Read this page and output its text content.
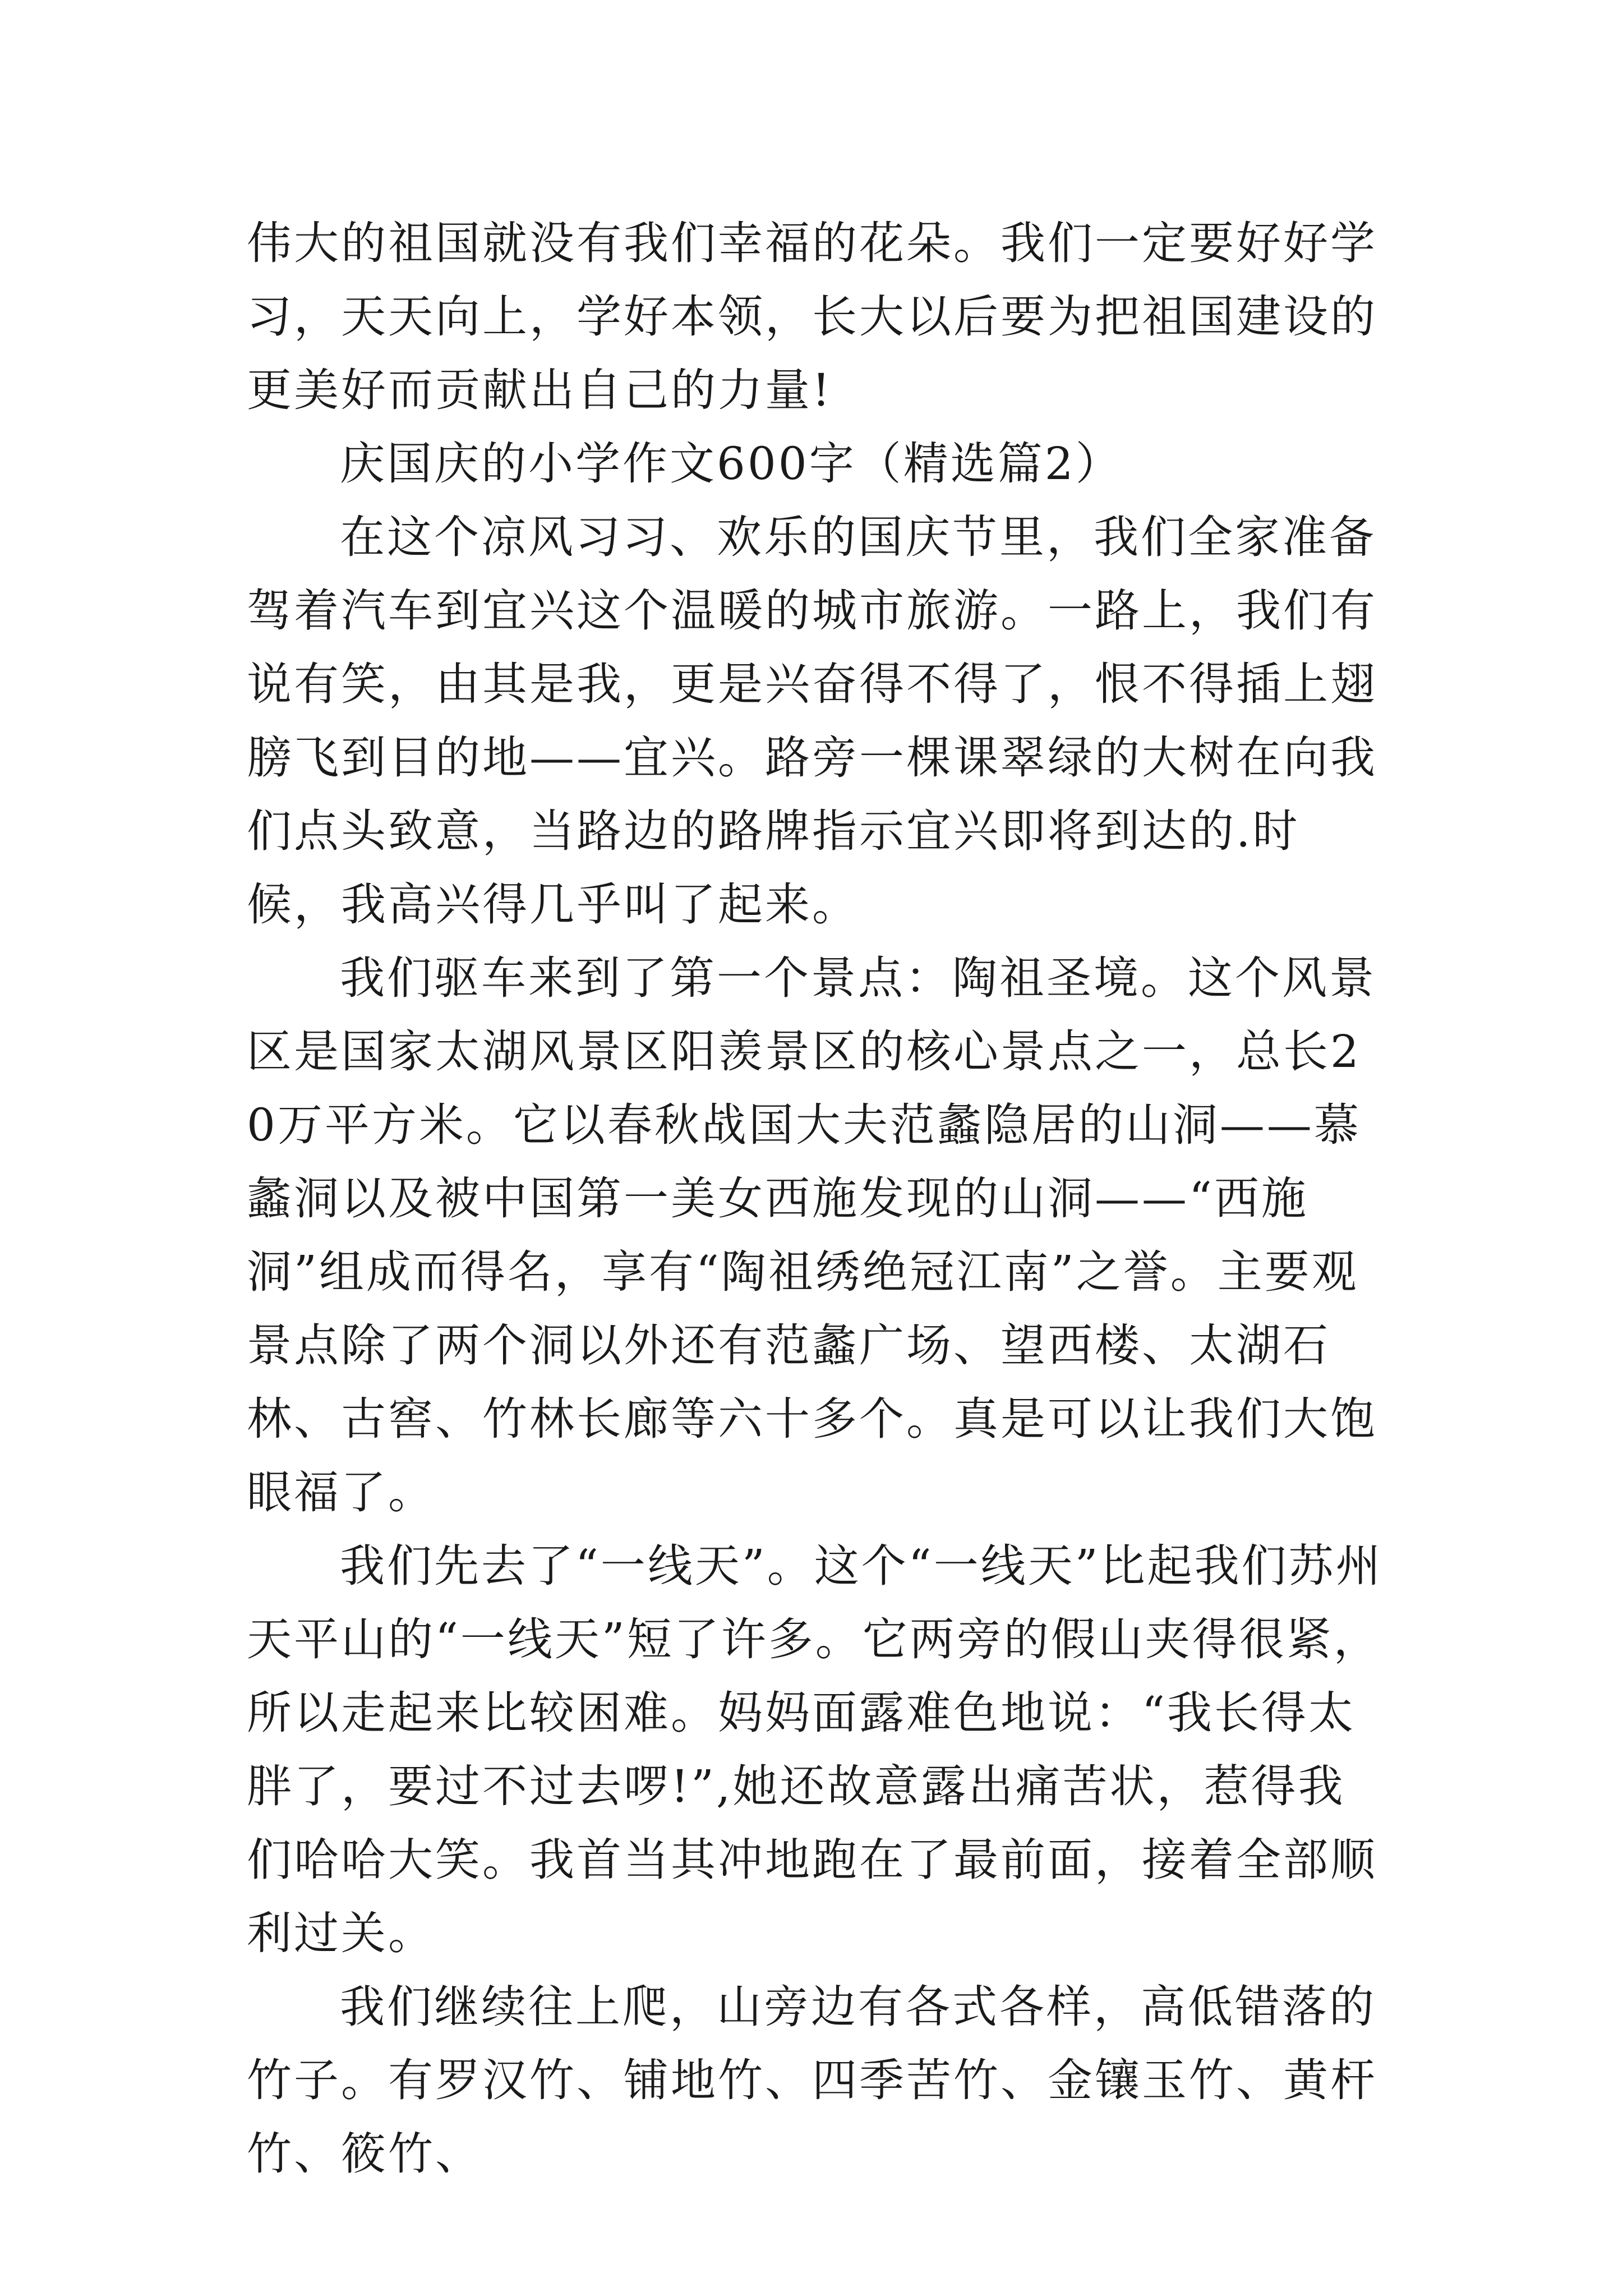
伟大的祖国就没有我们幸福的花朵。我们一定要好好学习，天天向上，学好本领，长大以后要为把祖国建设的更美好而贡献出自己的力量!

庆国庆的小学作文600字（精选篇2）

在这个凉风习习、欢乐的国庆节里，我们全家准备驾着汽车到宜兴这个温暖的城市旅游。一路上，我们有说有笑，由其是我，更是兴奋得不得了，恨不得插上翅膀飞到目的地——宜兴。路旁一棵课翠绿的大树在向我们点头致意，当路边的路牌指示宜兴即将到达的.时候，我高兴得几乎叫了起来。

我们驱车来到了第一个景点：陶祖圣境。这个风景区是国家太湖风景区阳羡景区的核心景点之一，总长20万平方米。它以春秋战国大夫范蠡隐居的山洞——慕蠡洞以及被中国第一美女西施发现的山洞——“西施洞”组成而得名，享有“陶祖绣绝冠江南”之誉。主要观景点除了两个洞以外还有范蠡广场、望西楼、太湖石林、古窖、竹林长廊等六十多个。真是可以让我们大饱眼福了。

我们先去了“一线天”。这个“一线天”比起我们苏州天平山的“一线天”短了许多。它两旁的假山夹得很紧，所以走起来比较困难。妈妈面露难色地说：“我长得太胖了，要过不过去啰!”,她还故意露出痛苦状，惹得我们哈哈大笑。我首当其冲地跑在了最前面，接着全部顺利过关。

我们继续往上爬，山旁边有各式各样，高低错落的竹子。有罗汉竹、铺地竹、四季苦竹、金镶玉竹、黄杆竹、筱竹、
